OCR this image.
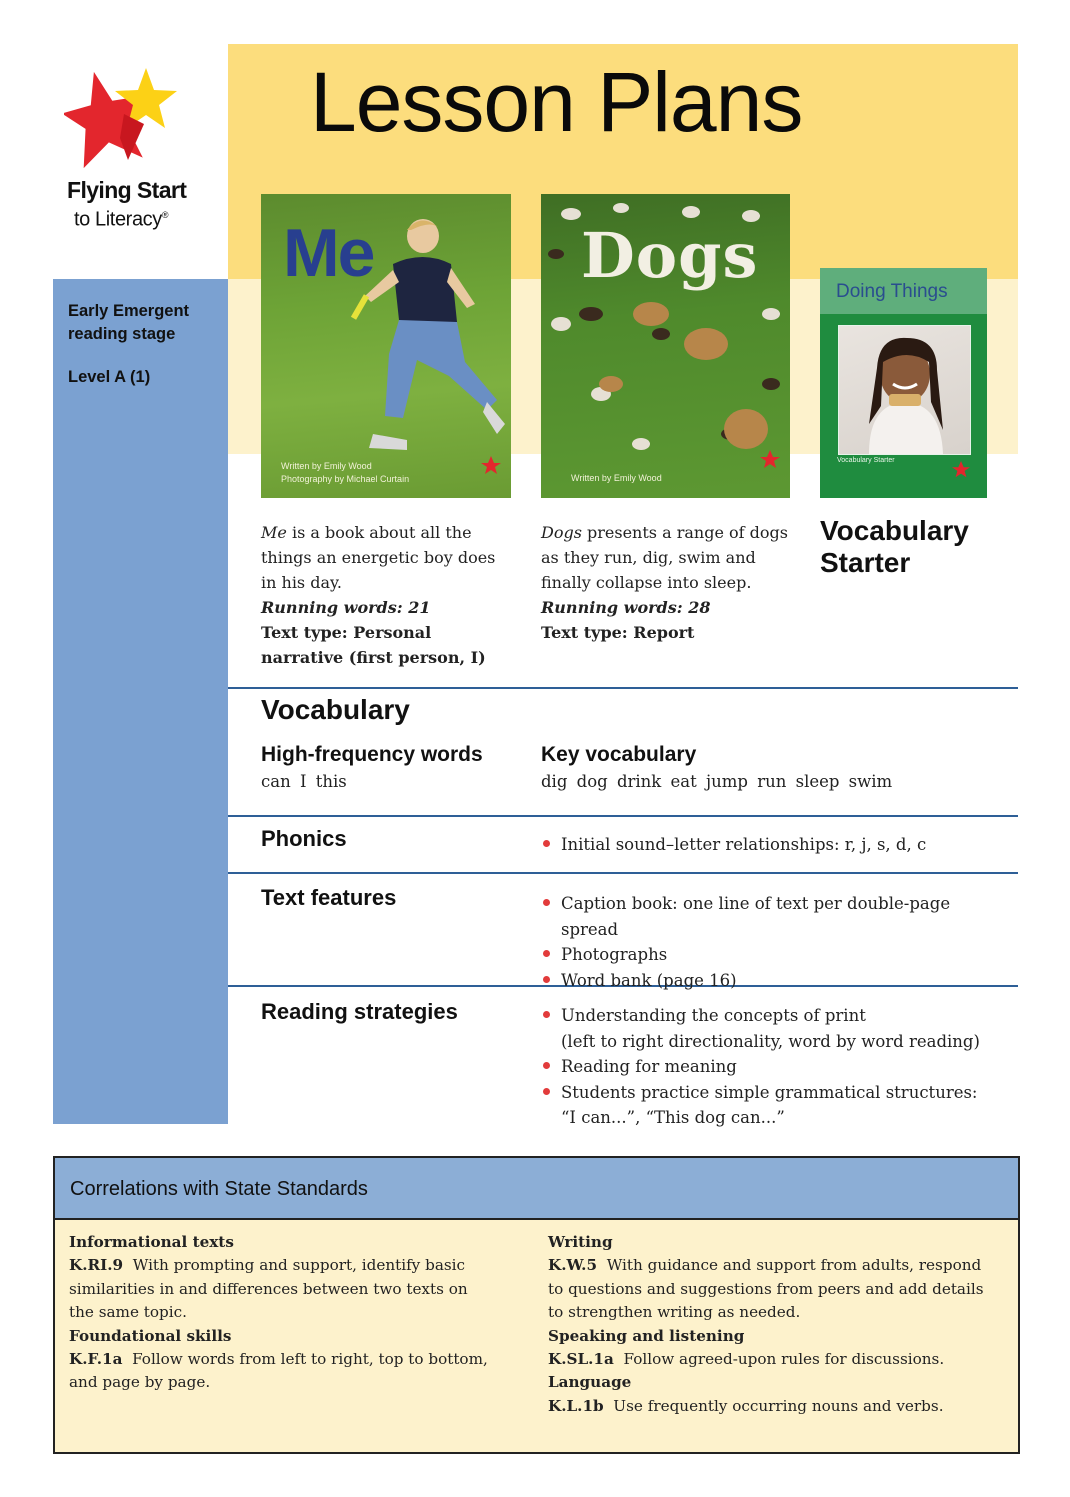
Lesson Plans
Flying Start
to Literacy®
Early Emergent reading stage
Level A (1)
Me
Written by Emily Wood
Photography by Michael Curtain
Dogs
Written by Emily Wood
Doing Things
Vocabulary Starter
Me is a book about all the things an energetic boy does in his day.
Running words: 21
Text type: Personal narrative (first person, I)
Dogs presents a range of dogs as they run, dig, swim and finally collapse into sleep.
Running words: 28
Text type: Report
Vocabulary Starter
Vocabulary
High-frequency words
can I this
Key vocabulary
dig dog drink eat jump run sleep swim
Phonics	Initial sound–letter relationships: r, j, s, d, c
Text features	Caption book: one line of text per double-page spread
Photographs
Word bank (page 16)
Reading strategies	Understanding the concepts of print
(left to right directionality, word by word reading)
Reading for meaning
Students practice simple grammatical structures:
“I can...”, “This dog can...”
Correlations with State Standards
Informational texts
K.RI.9 With prompting and support, identify basic similarities in and differences between two texts on the same topic.
Foundational skills
K.F.1a Follow words from left to right, top to bottom, and page by page.
Writing
K.W.5 With guidance and support from adults, respond to questions and suggestions from peers and add details to strengthen writing as needed.
Speaking and listening
K.SL.1a Follow agreed-upon rules for discussions.
Language
K.L.1b Use frequently occurring nouns and verbs.
